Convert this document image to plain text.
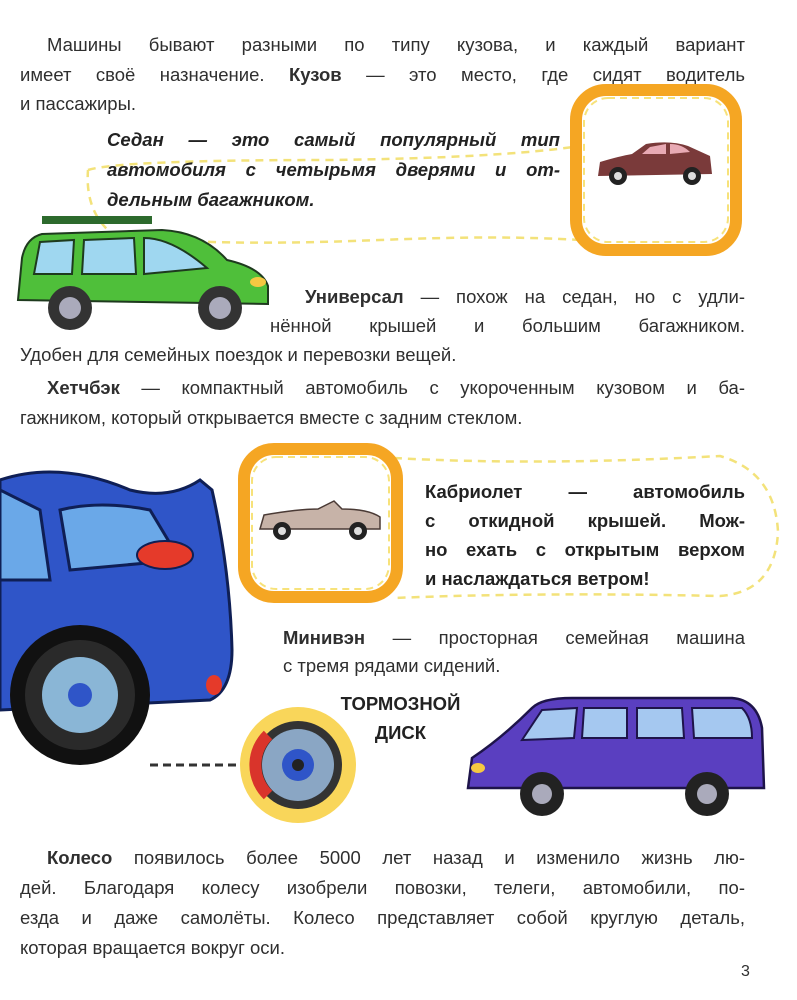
Машины бывают разными по типу кузова, и каждый вариант
имеет своё назначение. Кузов — это место, где сидят водитель
и пассажиры.
Седан — это самый популярный тип
автомобиля с четырьмя дверями и от-
дельным багажником.
Универсал — похож на седан, но с удли-
нённой крышей и большим багажником.
Удобен для семейных поездок и перевозки вещей.
Хетчбэк — компактный автомобиль с укороченным кузовом и ба-
гажником, который открывается вместе с задним стеклом.
Кабриолет — автомобиль
с откидной крышей. Мож-
но ехать с открытым верхом
и наслаждаться ветром!
Минивэн — просторная семейная машина
с тремя рядами сидений.
ТОРМОЗНОЙ
ДИСК
Колесо появилось более 5000 лет назад и изменило жизнь лю-
дей. Благодаря колесу изобрели повозки, телеги, автомобили, по-
езда и даже самолёты. Колесо представляет собой круглую деталь,
которая вращается вокруг оси.
3
